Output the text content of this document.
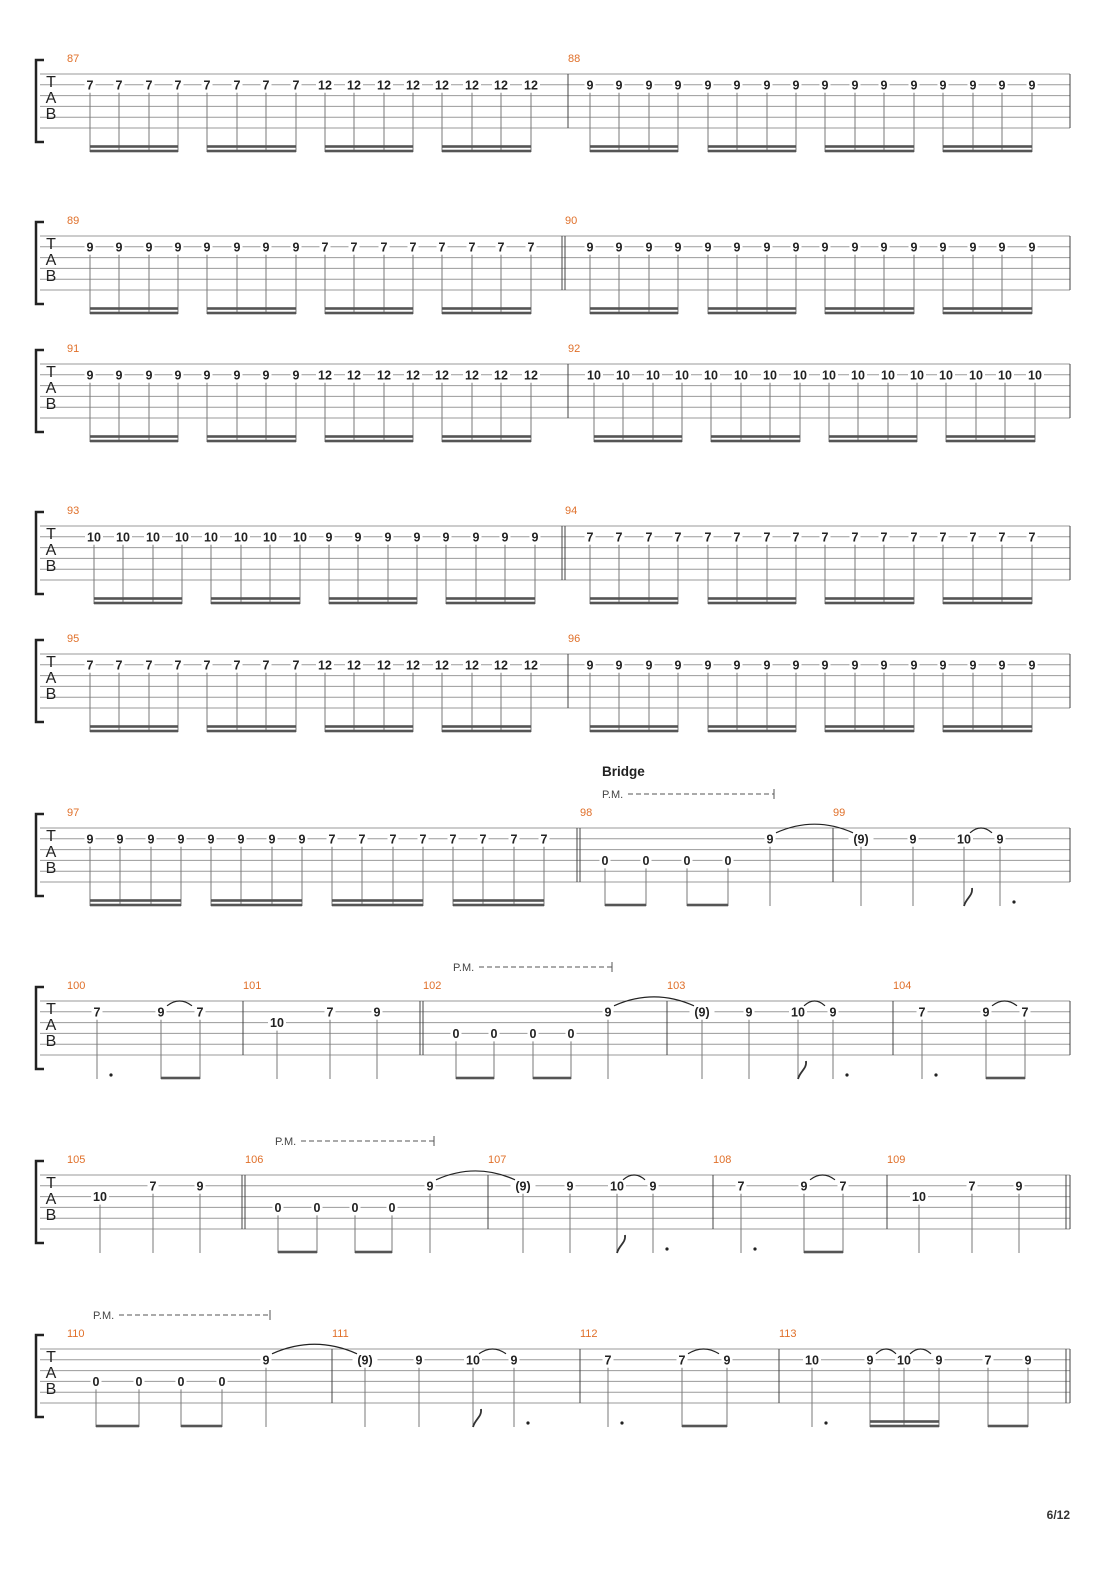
T
A
B
87	88
7 7 7 7 7 7 7 7 12 12 12 12 12 12 12 12	9 9 9 9 9 9 9 9 9 9 9 9 9 9 9 9
T
A
B
89	90
9 9 9 9 9 9 9 9 7 7 7 7 7 7 7 7	9 9 9 9 9 9 9 9 9 9 9 9 9 9 9 9
T
A
B
91	92
9 9 9 9 9 9 9 9 12 12 12 12 12 12 12 12	10 10 10 10 10 10 10 10 10 10 10 10 10 10 10 10
T
A
B
93	94
10 10 10 10 10 10 10 10 9 9 9 9 9 9 9 9	7 7 7 7 7 7 7 7 7 7 7 7 7 7 7 7
T
A
B
95	96
7 7 7 7 7 7 7 7 12 12 12 12 12 12 12 12	9 9 9 9 9 9 9 9 9 9 9 9 9 9 9 9
T
A
B
97	98	99
9 9 9 9 9 9 9 9 7 7 7 7 7 7 7 7
0	0	0	0
9	(9)	9	10 9
P.M.
Bridge
T
A
B
100	101	102	103	104
7	9	7
10
7	9
0 0	0 0
9	(9)	9	10 9	7	9	7
P.M.
T
A
B
105	106	107	108	109
10
7	9
0	0 0 0
9	(9)	9	10 9	7	9	7
10
7	9
P.M.
T
A
B
110	111	112	113
0	0	0	0
9	(9)	9	10 9	7	7	9	10	9 10 9	7	9
P.M.
6/12
